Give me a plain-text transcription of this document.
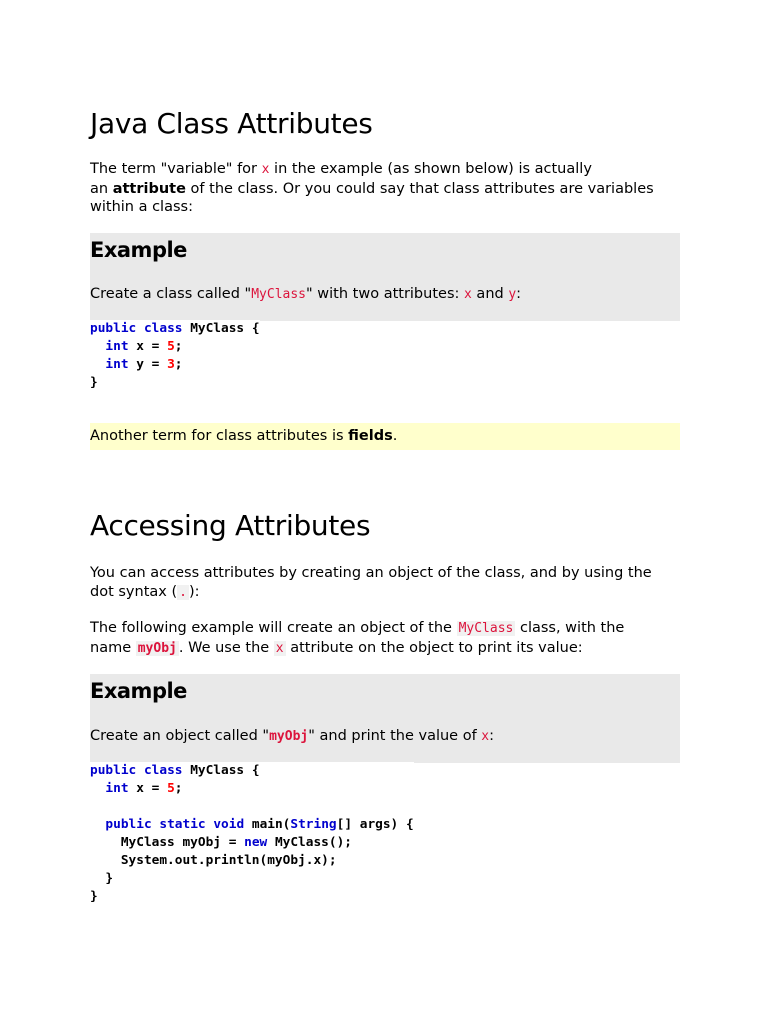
Java Class Attributes

The term "variable" for x in the example (as shown below) is actually
an attribute of the class. Or you could say that class attributes are variables
within a class:

Example

Create a class called "MyClass" with two attributes: x and y:

public class MyClass {
int x = 5;
int y = 3;
}
Another term for class attributes is fields.
Accessing Attributes

You can access attributes by creating an object of the class, and by using the
dot syntax ( . ):

The following example will create an object of the MyClass class, with the
name myObj . We use the x attribute on the object to print its value:

Example

Create an object called "myObj" and print the value of x:

public class MyClass {
int x = 5;

public static void main(String[] args) {
MyClass myObj = new MyClass();
System.out.println(myObj.x);
}
}
